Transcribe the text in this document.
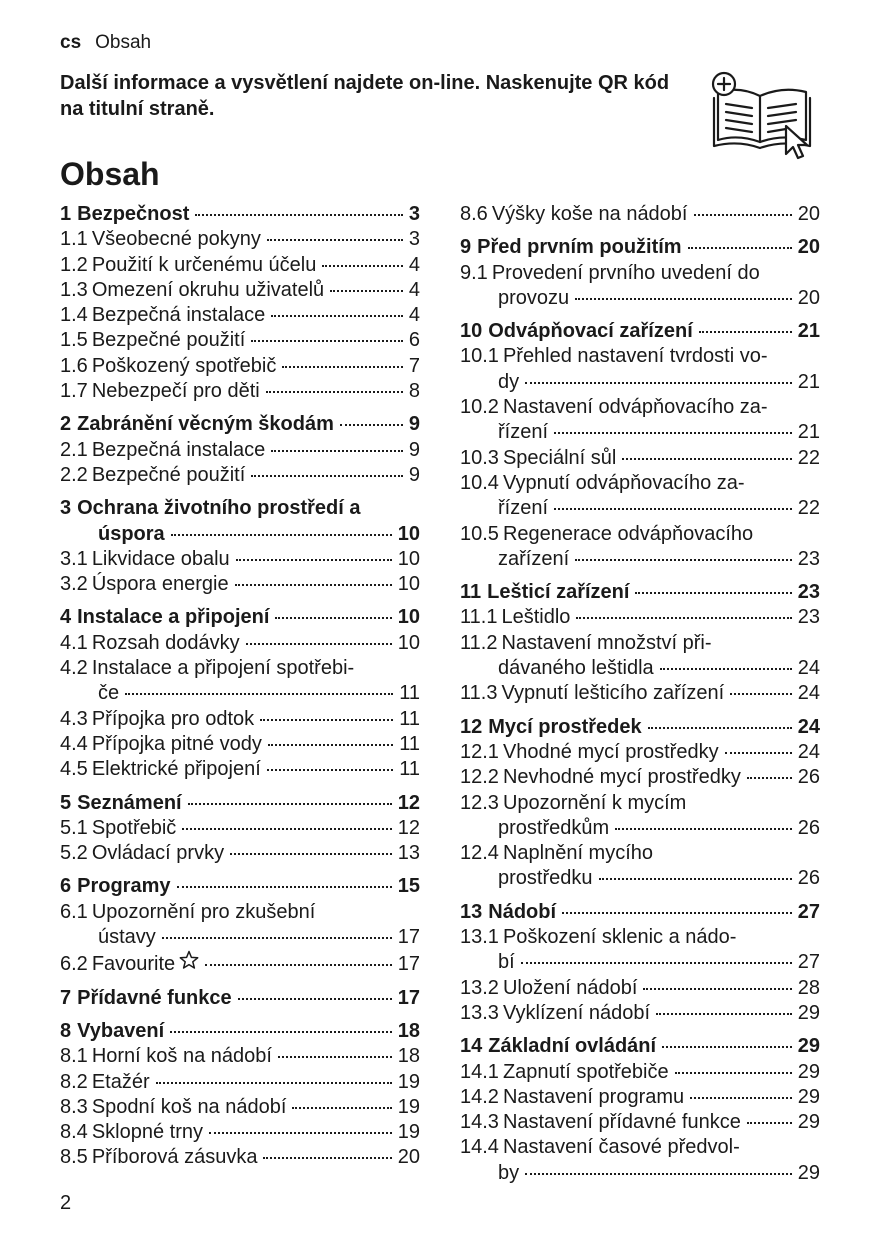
cs Obsah
Další informace a vysvětlení najdete on-line. Naskenujte QR kód na titulní straně.
Obsah
1 Bezpečnost	3
1.1 Všeobecné pokyny	3
1.2 Použití k určenému účelu	4
1.3 Omezení okruhu uživatelů	4
1.4 Bezpečná instalace	4
1.5 Bezpečné použití	6
1.6 Poškozený spotřebič	7
1.7 Nebezpečí pro děti	8
2 Zabránění věcným škodám	9
2.1 Bezpečná instalace	9
2.2 Bezpečné použití	9
3 Ochrana životního prostředí a
úspora	10
3.1 Likvidace obalu	10
3.2 Úspora energie	10
4 Instalace a připojení	10
4.1 Rozsah dodávky	10
4.2 Instalace a připojení spotřebi-
če	11
4.3 Přípojka pro odtok	11
4.4 Přípojka pitné vody	11
4.5 Elektrické připojení	11
5 Seznámení	12
5.1 Spotřebič	12
5.2 Ovládací prvky	13
6 Programy	15
6.1 Upozornění pro zkušební
ústavy	17
6.2 Favourite	17
7 Přídavné funkce	17
8 Vybavení	18
8.1 Horní koš na nádobí	18
8.2 Etažér	19
8.3 Spodní koš na nádobí	19
8.4 Sklopné trny	19
8.5 Příborová zásuvka	20
8.6 Výšky koše na nádobí	20
9 Před prvním použitím	20
9.1 Provedení prvního uvedení do
provozu	20
10 Odvápňovací zařízení	21
10.1 Přehled nastavení tvrdosti vo-
dy	21
10.2 Nastavení odvápňovacího za-
řízení	21
10.3 Speciální sůl	22
10.4 Vypnutí odvápňovacího za-
řízení	22
10.5 Regenerace odvápňovacího
zařízení	23
11 Lešticí zařízení	23
11.1 Leštidlo	23
11.2 Nastavení množství při-
dávaného leštidla	24
11.3 Vypnutí lešticího zařízení	24
12 Mycí prostředek	24
12.1 Vhodné mycí prostředky	24
12.2 Nevhodné mycí prostředky	26
12.3 Upozornění k mycím
prostředkům	26
12.4 Naplnění mycího
prostředku	26
13 Nádobí	27
13.1 Poškození sklenic a nádo-
bí	27
13.2 Uložení nádobí	28
13.3 Vyklízení nádobí	29
14 Základní ovládání	29
14.1 Zapnutí spotřebiče	29
14.2 Nastavení programu	29
14.3 Nastavení přídavné funkce	29
14.4 Nastavení časové předvol-
by	29
2
